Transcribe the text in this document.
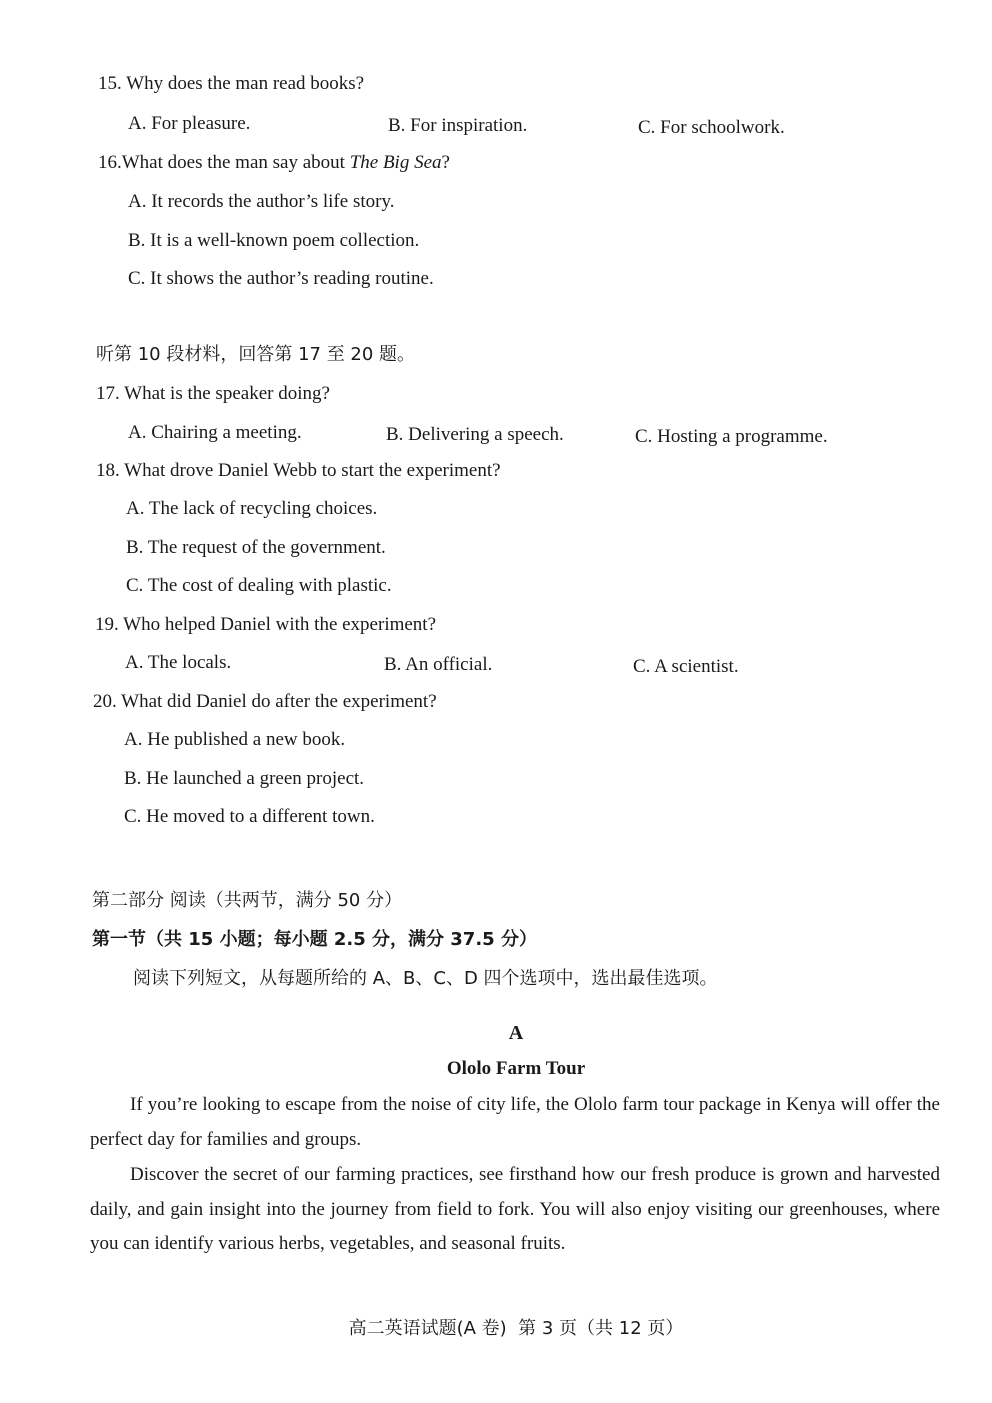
15. Why does the man read books?
A. For pleasure.	B. For inspiration.	C. For schoolwork.
16.What does the man say about The Big Sea?
A. It records the author’s life story.
B. It is a well-known poem collection.
C. It shows the author’s reading routine.
听第 10 段材料，回答第 17 至 20 题。
17. What is the speaker doing?
A. Chairing a meeting.	B. Delivering a speech.	C. Hosting a programme.
18. What drove Daniel Webb to start the experiment?
A. The lack of recycling choices.
B. The request of the government.
C. The cost of dealing with plastic.
19. Who helped Daniel with the experiment?
A. The locals.	B. An official.	C. A scientist.
20. What did Daniel do after the experiment?
A. He published a new book.
B. He launched a green project.
C. He moved to a different town.
第二部分 阅读（共两节，满分 50 分）
第一节（共 15 小题；每小题 2.5 分，满分 37.5 分）
阅读下列短文，从每题所给的 A、B、C、D 四个选项中，选出最佳选项。
A
Ololo Farm Tour
If you’re looking to escape from the noise of city life, the Ololo farm tour package in Kenya will offer the perfect day for families and groups.
Discover the secret of our farming practices, see firsthand how our fresh produce is grown and harvested daily, and gain insight into the journey from field to fork. You will also enjoy visiting our greenhouses, where you can identify various herbs, vegetables, and seasonal fruits.
高二英语试题(A 卷)  第 3 页（共 12 页）
